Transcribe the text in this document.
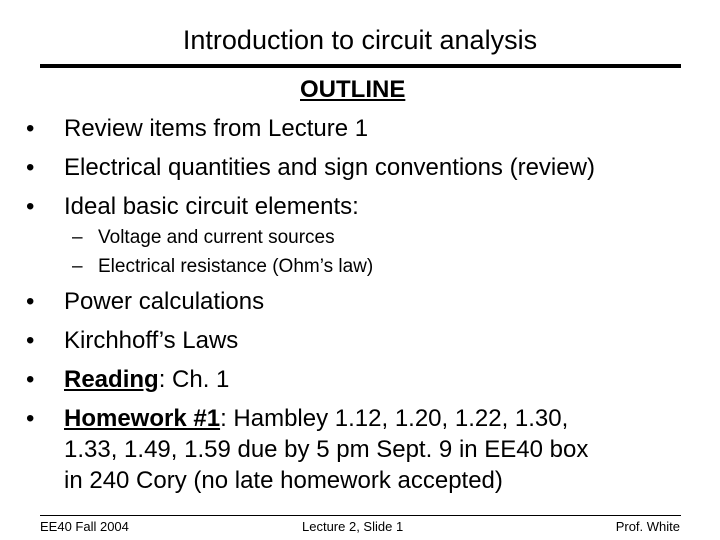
Introduction to circuit analysis
OUTLINE
• Review items from Lecture 1
• Electrical quantities and sign conventions (review)
• Ideal basic circuit elements:
– Voltage and current sources
– Electrical resistance (Ohm’s law)
• Power calculations
• Kirchhoff’s Laws
• Reading: Ch. 1
• Homework #1: Hambley 1.12, 1.20, 1.22, 1.30,
1.33, 1.49, 1.59 due by 5 pm Sept. 9 in EE40 box
in 240 Cory (no late homework accepted)
EE40 Fall 2004	Lecture 2, Slide 1	Prof. White
